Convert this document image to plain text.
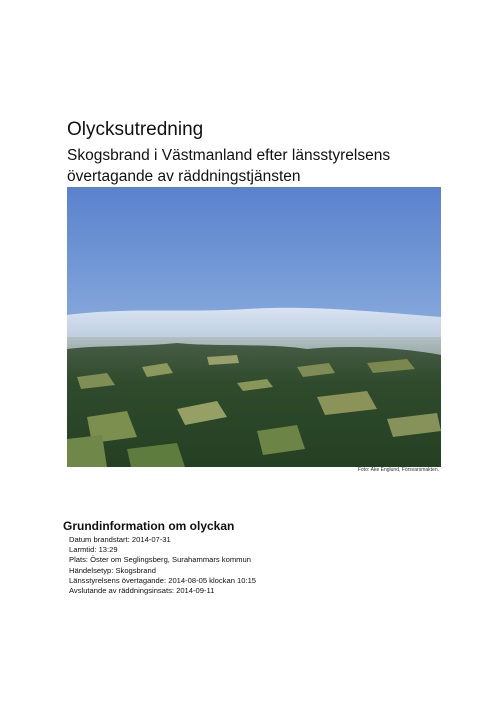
Olycksutredning
Skogsbrand i Västmanland efter länsstyrelsens
övertagande av räddningstjänsten
Foto: Åke Englund, Försvarsmakten.
Grundinformation om olyckan
Datum brandstart: 2014-07-31
Larmtid: 13:29
Plats: Öster om Seglingsberg, Surahammars kommun
Händelsetyp: Skogsbrand
Länsstyrelsens övertagande: 2014-08-05 klockan 10:15
Avslutande av räddningsinsats: 2014-09-11
